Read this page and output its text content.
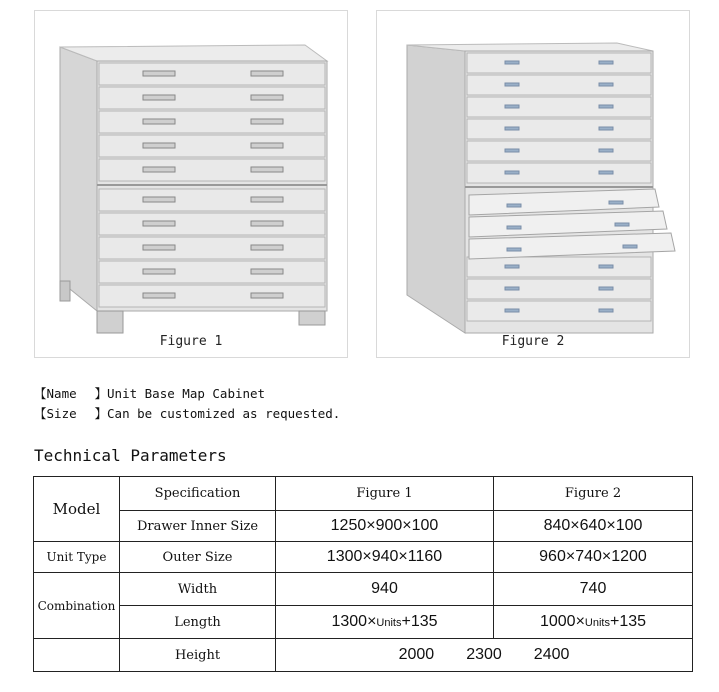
Figure 1	Figure 2
【Name 】Unit Base Map Cabinet
【Size 】Can be customized as requested.
Technical Parameters
Model	Specification	Figure 1	Figure 2
	Drawer Inner Size	1250×900×100	840×640×100
Unit Type	Outer Size	1300×940×1160	960×740×1200
Combination	Width	940	740
	Length	1300×Units+135	1000×Units+135
	Height	2000 2300 2400	
